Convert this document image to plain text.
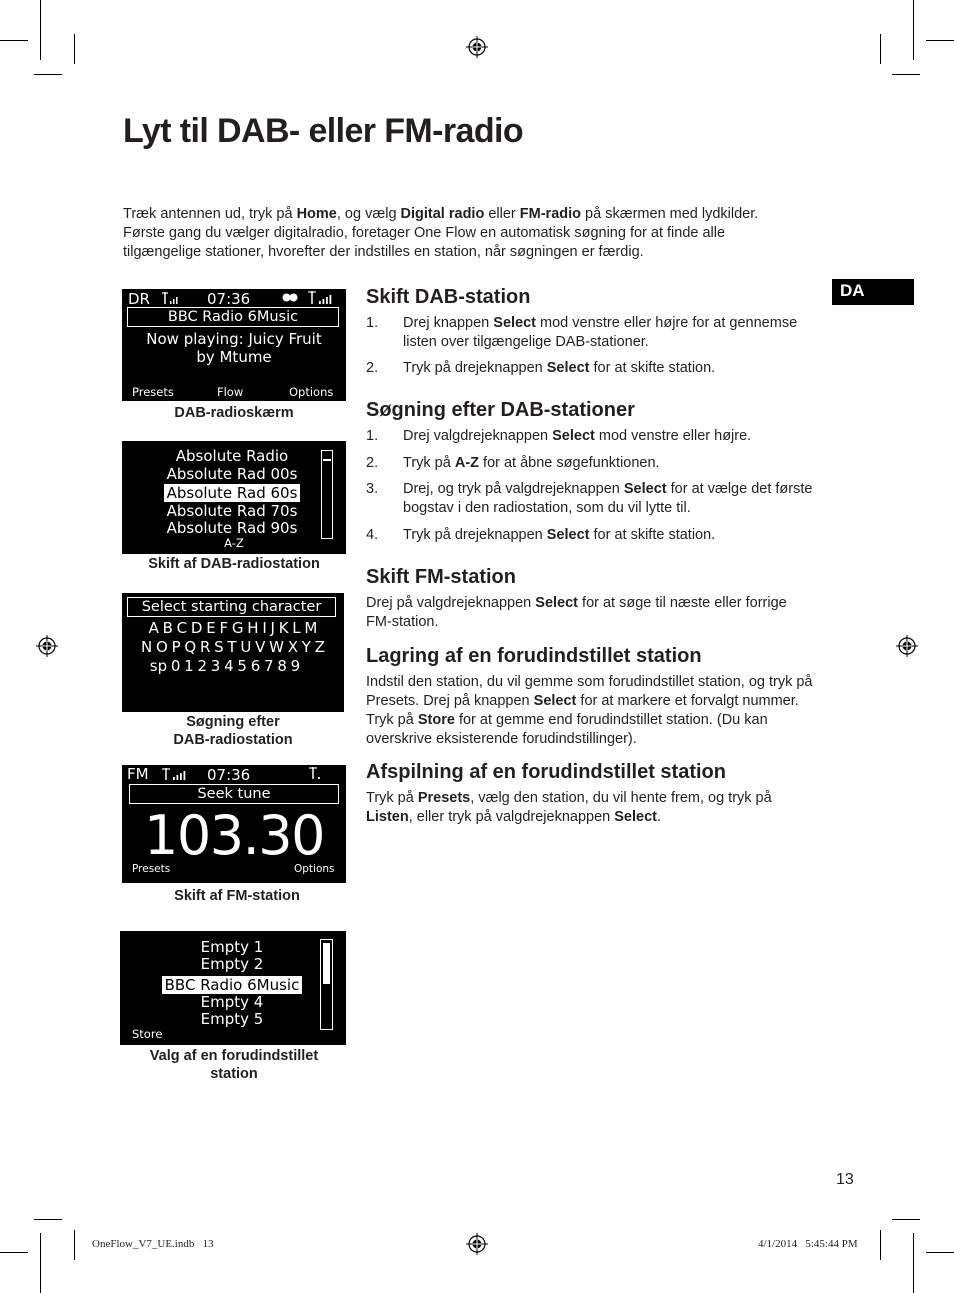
Lyt til DAB- eller FM-radio
Træk antennen ud, tryk på Home, og vælg Digital radio eller FM-radio på skærmen med lydkilder.
Første gang du vælger digitalradio, foretager One Flow en automatisk søgning for at finde alle
tilgængelige stationer, hvorefter der indstilles en station, når søgningen er færdig.
DA
Skift DAB-station
1. Drej knappen Select mod venstre eller højre for at gennemse listen over tilgængelige DAB-stationer.
2. Tryk på drejeknappen Select for at skifte station.
Søgning efter DAB-stationer
1. Drej valgdrejeknappen Select mod venstre eller højre.
2. Tryk på A-Z for at åbne søgefunktionen.
3. Drej, og tryk på valgdrejeknappen Select for at vælge det første bogstav i den radiostation, som du vil lytte til.
4. Tryk på drejeknappen Select for at skifte station.
Skift FM-station

Drej på valgdrejeknappen Select for at søge til næste eller forrige FM-station.

Lagring af en forudindstillet station

Indstil den station, du vil gemme som forudindstillet station, og tryk på Presets. Drej på knappen Select for at markere et forvalgt nummer. Tryk på Store for at gemme end forudindstillet station. (Du kan overskrive eksisterende forudindstillinger).

Afspilning af en forudindstillet station

Tryk på Presets, vælg den station, du vil hente frem, og tryk på Listen, eller tryk på valgdrejeknappen Select.

DR	07:36
BBC Radio 6Music
Now playing: Juicy Fruit
by Mtume
Presets	Flow	Options
DAB-radioskærm
Absolute Radio
Absolute Rad 00s
Absolute Rad 60s
Absolute Rad 70s
Absolute Rad 90s
A-Z
Skift af DAB-radiostation
Select starting character
A B C D E F G H I J K L M
N O P Q R S T U V W X Y Z
sp 0 1 2 3 4 5 6 7 8 9
Søgning efter
DAB-radiostation
FM	07:36
Seek tune
103.30
Presets	Options
Skift af FM-station
Empty 1
Empty 2
BBC Radio 6Music
Empty 4
Empty 5
Store
Valg af en forudindstillet
station
13
OneFlow_V7_UE.indb   13	4/1/2014   5:45:44 PM
